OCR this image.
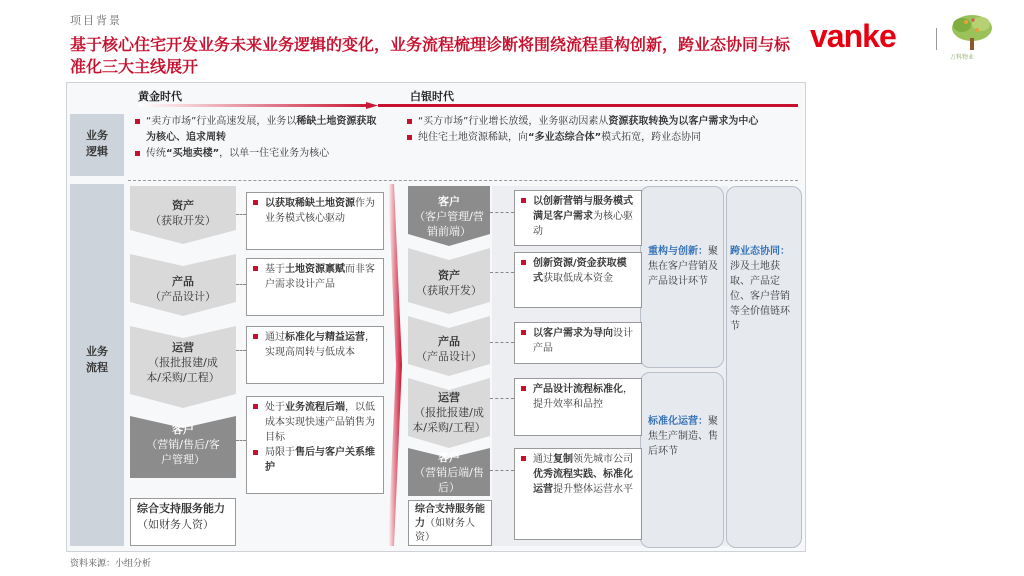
项目背景
基于核心住宅开发业务未来业务逻辑的变化，业务流程梳理诊断将围绕流程重构创新，跨业态协同与标准化三大主线展开
vanke
万科物业
黄金时代	白银时代
业务
逻辑
业务
流程
“卖方市场”行业高速发展，业务以稀缺土地资源获取为核心、追求周转
传统“买地卖楼”，以单一住宅业务为核心
“买方市场”行业增长放缓，业务驱动因素从资源获取转换为以客户需求为中心
纯住宅土地资源稀缺，向“多业态综合体”模式拓宽，跨业态协同
资产
（获取开发）
产品
（产品设计）
运营
（报批报建/成本/采购/工程）
客户
（营销/售后/客户管理）
综合支持服务能力（如财务人资）
以获取稀缺土地资源作为业务模式核心驱动
基于土地资源禀赋而非客户需求设计产品
通过标准化与精益运营，实现高周转与低成本
处于业务流程后端，以低成本实现快速产品销售为目标
局限于售后与客户关系维护
客户
（客户管理/营销前端）
资产
（获取开发）
产品
（产品设计）
运营
（报批报建/成本/采购/工程）
客户
（营销后端/售后）
综合支持服务能力（如财务人资）
以创新营销与服务模式满足客户需求为核心驱动
创新资源/资金获取模式获取低成本资金
以客户需求为导向设计产品
产品设计流程标准化，提升效率和品控
通过复制领先城市公司优秀流程实践、标准化运营提升整体运营水平
重构与创新：聚焦在客户营销及产品设计环节
标准化运营：聚焦生产制造、售后环节
跨业态协同：涉及土地获取、产品定位、客户营销等全价值链环节
资料来源：小组分析
